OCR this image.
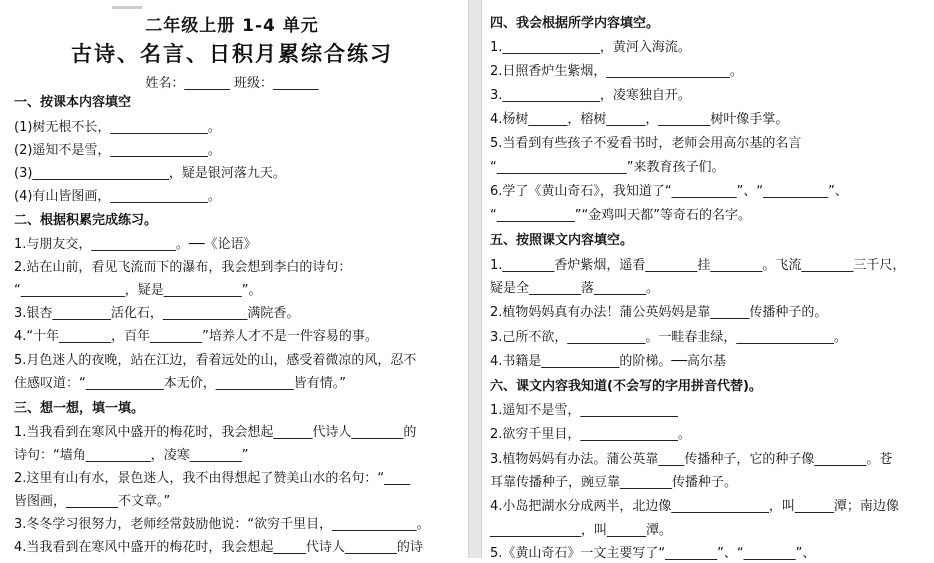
二年级上册 1-4 单元
古诗、名言、日积月累综合练习
姓名：_______ 班级：_______
一、按课本内容填空
(1)树无根不长，_______________。
(2)遥知不是雪，_______________。
(3)_____________________，疑是银河落九天。
(4)有山皆图画，_______________。
二、根据积累完成练习。
1.与朋友交，_____________。──《论语》
2.站在山前，看见飞流而下的瀑布，我会想到李白的诗句：
“________________，疑是____________”。
3.银杏_________活化石，_____________满院香。
4.“十年________，百年________”培养人才不是一件容易的事。
5.月色迷人的夜晚，站在江边，看着远处的山，感受着微凉的风，忍不
住感叹道：“____________本无价，____________皆有情。”
三、想一想，填一填。
1.当我看到在寒风中盛开的梅花时，我会想起______代诗人________的
诗句：“墙角__________，凌寒________”
2.这里有山有水，景色迷人，我不由得想起了赞美山水的名句：“____
皆图画，________不文章。”
3.冬冬学习很努力，老师经常鼓励他说：“欲穷千里目，_____________。
4.当我看到在寒风中盛开的梅花时，我会想起_____代诗人________的诗
四、我会根据所学内容填空。
1._______________，黄河入海流。
2.日照香炉生紫烟，___________________。
3._______________，凌寒独自开。
4.杨树______，榕树______，________树叶像手掌。
5.当看到有些孩子不爱看书时，老师会用高尔基的名言
“____________________”来教育孩子们。
6.学了《黄山奇石》，我知道了“__________”、“__________”、
“____________”“金鸡叫天都”等奇石的名字。
五、按照课文内容填空。
1.________香炉紫烟，遥看________挂________。飞流________三千尺，
疑是全________落________。
2.植物妈妈真有办法！蒲公英妈妈是靠______传播种子的。
3.己所不欲，____________。一畦春韭绿，_______________。
4.书籍是____________的阶梯。──高尔基
六、课文内容我知道(不会写的字用拼音代替)。
1.遥知不是雪，_______________
2.欲穷千里目，_______________。
3.植物妈妈有办法。蒲公英靠____传播种子，它的种子像________。苍
耳靠传播种子，豌豆靠________传播种子。
4.小岛把湖水分成两半，北边像_______________，叫______潭；南边像
______________，叫______潭。
5.《黄山奇石》一文主要写了“________”、“________”、
